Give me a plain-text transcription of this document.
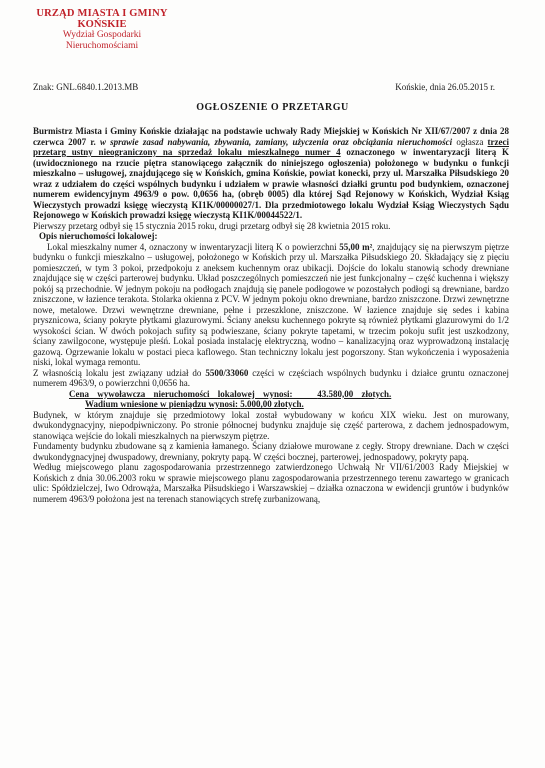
URZĄD MIASTA I GMINY
KOŃSKIE
Wydział Gospodarki
Nieruchomościami
Znak: GNL.6840.1.2013.MB	Końskie, dnia 26.05.2015 r.
OGŁOSZENIE O PRZETARGU

Burmistrz Miasta i Gminy Końskie działając na podstawie uchwały Rady Miejskiej w Końskich Nr XII/67/2007 z dnia 28 czerwca 2007 r. w sprawie zasad nabywania, zbywania, zamiany, użyczenia oraz obciążania nieruchomości ogłasza trzeci przetarg ustny nieograniczony na sprzedaż lokalu mieszkalnego numer 4 oznaczonego w inwentaryzacji literą K (uwidocznionego na rzucie piętra stanowiącego załącznik do niniejszego ogłoszenia) położonego w budynku o funkcji mieszkalno – usługowej, znajdującego się w Końskich, gmina Końskie, powiat konecki, przy ul. Marszałka Piłsudskiego 20 wraz z udziałem do części wspólnych budynku i udziałem w prawie własności działki gruntu pod budynkiem, oznaczonej numerem ewidencyjnym 4963/9 o pow. 0,0656 ha, (obręb 0005) dla której Sąd Rejonowy w Końskich, Wydział Ksiąg Wieczystych prowadzi księgę wieczystą KI1K/00000027/1. Dla przedmiotowego lokalu Wydział Ksiąg Wieczystych Sądu Rejonowego w Końskich prowadzi księgę wieczystą KI1K/00044522/1.

Pierwszy przetarg odbył się 15 stycznia 2015 roku, drugi przetarg odbył się 28 kwietnia 2015 roku.

Opis nieruchomości lokalowej:

Lokal mieszkalny numer 4, oznaczony w inwentaryzacji literą K o powierzchni 55,00 m², znajdujący się na pierwszym piętrze budynku o funkcji mieszkalno – usługowej, położonego w Końskich przy ul. Marszałka Piłsudskiego 20. Składający się z pięciu pomieszczeń, w tym 3 pokoi, przedpokoju z aneksem kuchennym oraz ubikacji. Dojście do lokalu stanowią schody drewniane znajdujące się w części parterowej budynku. Układ poszczególnych pomieszczeń nie jest funkcjonalny – część kuchenna i większy pokój są przechodnie. W jednym pokoju na podłogach znajdują się panele podłogowe w pozostałych podłogi są drewniane, bardzo zniszczone, w łazience terakota. Stolarka okienna z PCV. W jednym pokoju okno drewniane, bardzo zniszczone. Drzwi zewnętrzne nowe, metalowe. Drzwi wewnętrzne drewniane, pełne i przeszklone, zniszczone. W łazience znajduje się sedes i kabina prysznicowa, ściany pokryte płytkami glazurowymi. Ściany aneksu kuchennego pokryte są również płytkami glazurowymi do 1/2 wysokości ścian. W dwóch pokojach sufity są podwieszane, ściany pokryte tapetami, w trzecim pokoju sufit jest uszkodzony, ściany zawilgocone, występuje pleśń. Lokal posiada instalację elektryczną, wodno – kanalizacyjną oraz wyprowadzoną instalację gazową. Ogrzewanie lokalu w postaci pieca kaflowego. Stan techniczny lokalu jest pogorszony. Stan wykończenia i wyposażenia niski, lokal wymaga remontu.

Z własnością lokalu jest związany udział do 5500/33060 części w częściach wspólnych budynku i działce gruntu oznaczonej numerem 4963/9, o powierzchni 0,0656 ha.

Cena wywoławcza nieruchomości lokalowej wynosi:	43.580,00 złotych.

Wadium wniesione w pieniądzu wynosi: 5.000,00 złotych.

Budynek, w którym znajduje się przedmiotowy lokal został wybudowany w końcu XIX wieku. Jest on murowany, dwukondygnacyjny, niepodpiwniczony. Po stronie północnej budynku znajduje się część parterowa, z dachem jednospadowym, stanowiąca wejście do lokali mieszkalnych na pierwszym piętrze.

Fundamenty budynku zbudowane są z kamienia łamanego. Ściany działowe murowane z cegły. Stropy drewniane. Dach w części dwukondygnacyjnej dwuspadowy, drewniany, pokryty papą. W części bocznej, parterowej, jednospadowy, pokryty papą.

Według miejscowego planu zagospodarowania przestrzennego zatwierdzonego Uchwałą Nr VII/61/2003 Rady Miejskiej w Końskich z dnia 30.06.2003 roku w sprawie miejscowego planu zagospodarowania przestrzennego terenu zawartego w granicach ulic: Spółdzielczej, Iwo Odrowąża, Marszałka Piłsudskiego i Warszawskiej – działka oznaczona w ewidencji gruntów i budynków numerem 4963/9 położona jest na terenach stanowiących strefę zurbanizowaną,
